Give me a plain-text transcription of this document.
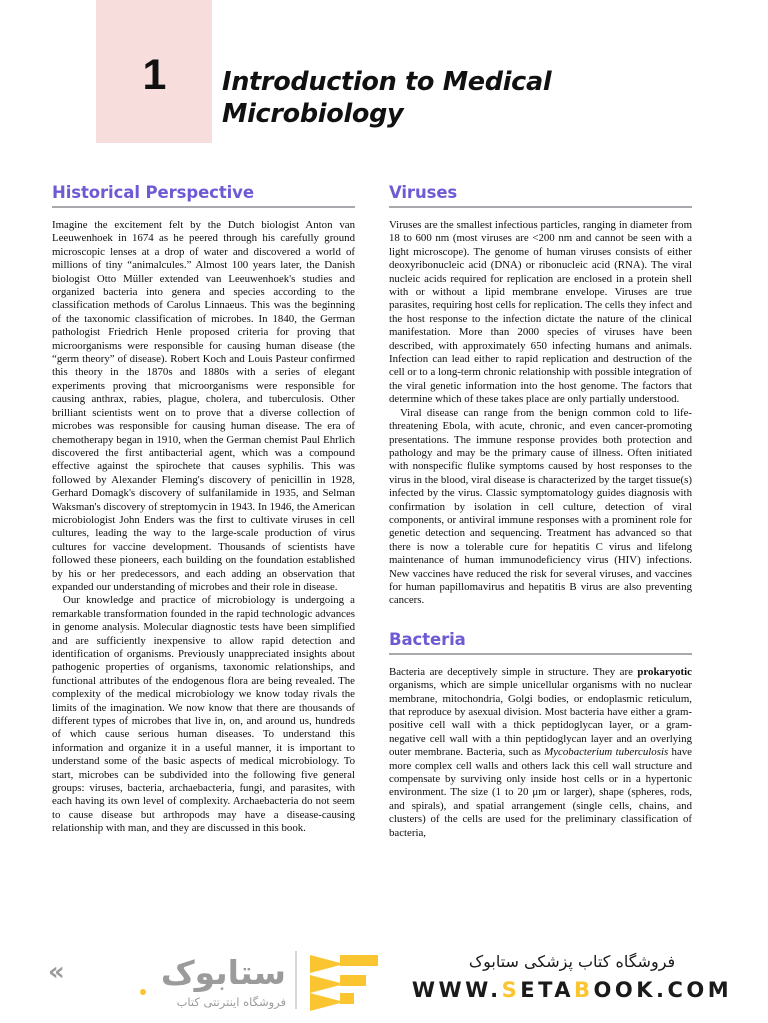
1	Introduction to Medical Microbiology
Historical Perspective

Imagine the excitement felt by the Dutch biologist Anton van Leeuwenhoek in 1674 as he peered through his carefully ground microscopic lenses at a drop of water and discovered a world of millions of tiny “animalcules.” Almost 100 years later, the Danish biologist Otto Müller extended van Leeuwenhoek's studies and organized bacteria into genera and species according to the classification methods of Carolus Linnaeus. This was the beginning of the taxonomic classification of microbes. In 1840, the German pathologist Friedrich Henle proposed criteria for proving that microorganisms were responsible for causing human disease (the “germ theory” of disease). Robert Koch and Louis Pasteur confirmed this theory in the 1870s and 1880s with a series of elegant experiments proving that microorganisms were responsible for causing anthrax, rabies, plague, cholera, and tuberculosis. Other brilliant scientists went on to prove that a diverse collection of microbes was responsible for causing human disease. The era of chemotherapy began in 1910, when the German chemist Paul Ehrlich discovered the first antibacterial agent, which was a compound effective against the spirochete that causes syphilis. This was followed by Alexander Fleming's discovery of penicillin in 1928, Gerhard Domagk's discovery of sulfanilamide in 1935, and Selman Waksman's discovery of streptomycin in 1943. In 1946, the American microbiologist John Enders was the first to cultivate viruses in cell cultures, leading the way to the large-scale production of virus cultures for vaccine development. Thousands of scientists have followed these pioneers, each building on the foundation established by his or her predecessors, and each adding an observation that expanded our understanding of microbes and their role in disease.

Our knowledge and practice of microbiology is undergoing a remarkable transformation founded in the rapid technologic advances in genome analysis. Molecular diagnostic tests have been simplified and are sufficiently inexpensive to allow rapid detection and identification of organisms. Previously unappreciated insights about pathogenic properties of organisms, taxonomic relationships, and functional attributes of the endogenous flora are being revealed. The complexity of the medical microbiology we know today rivals the limits of the imagination. We now know that there are thousands of different types of microbes that live in, on, and around us, hundreds of which cause serious human diseases. To understand this information and organize it in a useful manner, it is important to understand some of the basic aspects of medical microbiology. To start, microbes can be subdivided into the following five general groups: viruses, bacteria, archaebacteria, fungi, and parasites, with each having its own level of complexity. Archaebacteria do not seem to cause disease but arthropods may have a disease-causing relationship with man, and they are discussed in this book.

Viruses

Viruses are the smallest infectious particles, ranging in diameter from 18 to 600 nm (most viruses are <200 nm and cannot be seen with a light microscope). The genome of human viruses consists of either deoxyribonucleic acid (DNA) or ribonucleic acid (RNA). The viral nucleic acids required for replication are enclosed in a protein shell with or without a lipid membrane envelope. Viruses are true parasites, requiring host cells for replication. The cells they infect and the host response to the infection dictate the nature of the clinical manifestation. More than 2000 species of viruses have been described, with approximately 650 infecting humans and animals. Infection can lead either to rapid replication and destruction of the cell or to a long-term chronic relationship with possible integration of the viral genetic information into the host genome. The factors that determine which of these takes place are only partially understood.

Viral disease can range from the benign common cold to life-threatening Ebola, with acute, chronic, and even cancer-promoting presentations. The immune response provides both protection and pathology and may be the primary cause of illness. Often initiated with nonspecific flulike symptoms caused by host responses to the virus in the blood, viral disease is characterized by the target tissue(s) infected by the virus. Classic symptomatology guides diagnosis with confirmation by isolation in cell culture, detection of viral components, or antiviral immune responses with a prominent role for genetic detection and sequencing. Treatment has advanced so that there is now a tolerable cure for hepatitis C virus and lifelong maintenance of human immunodeficiency virus (HIV) infections. New vaccines have reduced the risk for several viruses, and vaccines for human papillomavirus and hepatitis B virus are also preventing cancers.

Bacteria

Bacteria are deceptively simple in structure. They are prokaryotic organisms, which are simple unicellular organisms with no nuclear membrane, mitochondria, Golgi bodies, or endoplasmic reticulum, that reproduce by asexual division. Most bacteria have either a gram-positive cell wall with a thick peptidoglycan layer, or a gram-negative cell wall with a thin peptidoglycan layer and an overlying outer membrane. Bacteria, such as Mycobacterium tuberculosis have more complex cell walls and others lack this cell wall structure and compensate by surviving only inside host cells or in a hypertonic environment. The size (1 to 20 μm or larger), shape (spheres, rods, and spirals), and spatial arrangement (single cells, chains, and clusters) of the cells are used for the preliminary classification of bacteria,

«	ستابوک
فروشگاه اینترنتی کتاب
فروشگاه کتاب پزشکی ستابوک
WWW.SETABOOK.COM
